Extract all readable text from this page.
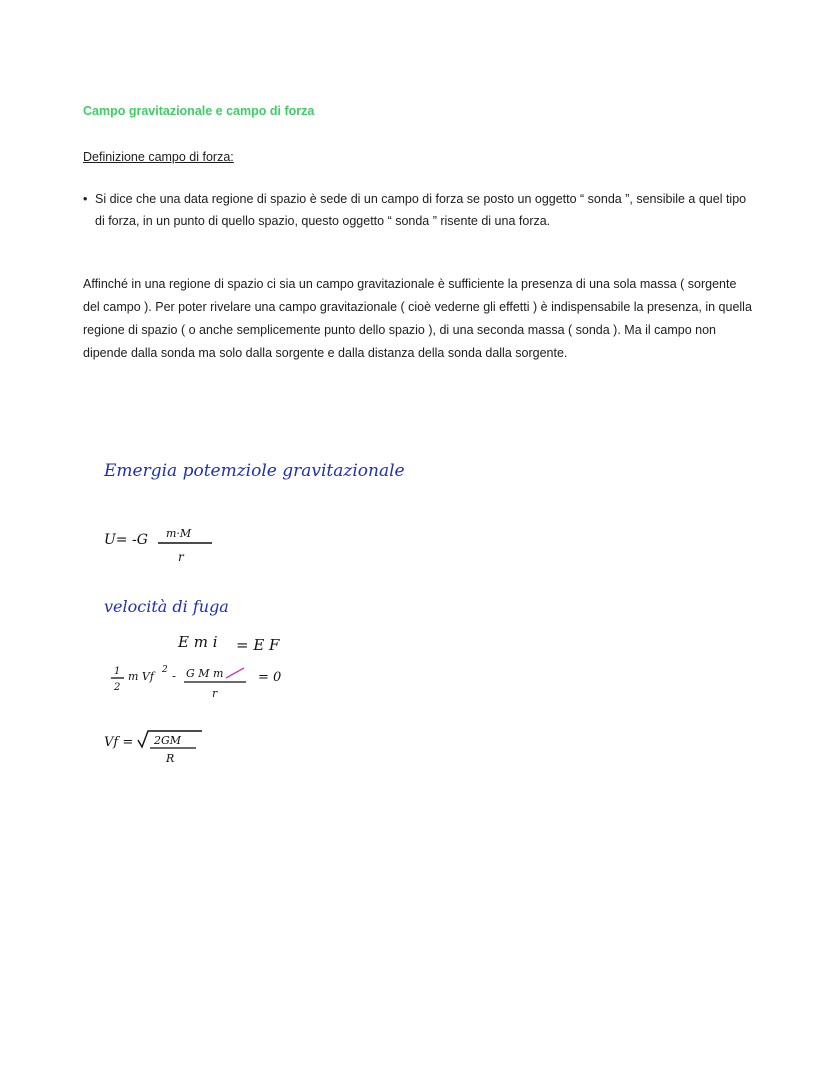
Campo gravitazionale e campo di forza
Definizione campo di forza:
• Si dice che una data regione di spazio è sede di un campo di forza se posto un oggetto “ sonda ”, sensibile a quel tipo di forza, in un punto di quello spazio, questo oggetto “ sonda ” risente di una forza.
Affinché in una regione di spazio ci sia un campo gravitazionale è sufficiente la presenza di una sola massa ( sorgente del campo ). Per poter rivelare una campo gravitazionale ( cioè vederne gli effetti ) è indispensabile la presenza, in quella regione di spazio ( o anche semplicemente punto dello spazio ), di una seconda massa ( sonda ). Ma il campo non dipende dalla sonda ma solo dalla sorgente e dalla distanza della sonda dalla sorgente.
Emergia potemziole gravitazionale
U= -G m·M
r
velocità di fuga
E m i = E F
1
2
m Vf 2 - G M m
r
= 0
Vf = 2GM
R
